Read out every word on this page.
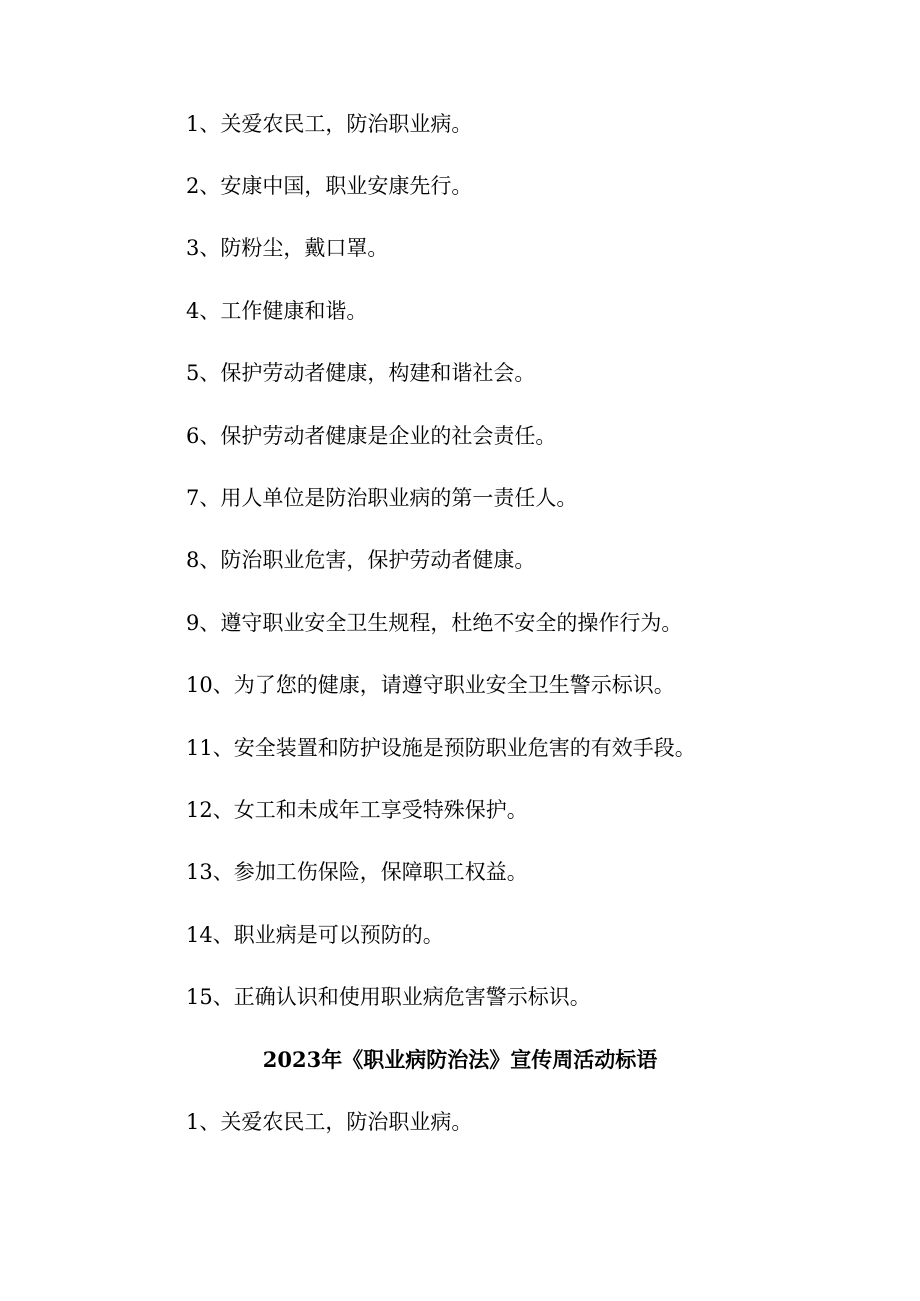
1、关爱农民工，防治职业病。
2、安康中国，职业安康先行。
3、防粉尘，戴口罩。
4、工作健康和谐。
5、保护劳动者健康，构建和谐社会。
6、保护劳动者健康是企业的社会责任。
7、用人单位是防治职业病的第一责任人。
8、防治职业危害，保护劳动者健康。
9、遵守职业安全卫生规程，杜绝不安全的操作行为。
10、为了您的健康，请遵守职业安全卫生警示标识。
11、安全装置和防护设施是预防职业危害的有效手段。
12、女工和未成年工享受特殊保护。
13、参加工伤保险，保障职工权益。
14、职业病是可以预防的。
15、正确认识和使用职业病危害警示标识。
2023年《职业病防治法》宣传周活动标语
1、关爱农民工，防治职业病。
